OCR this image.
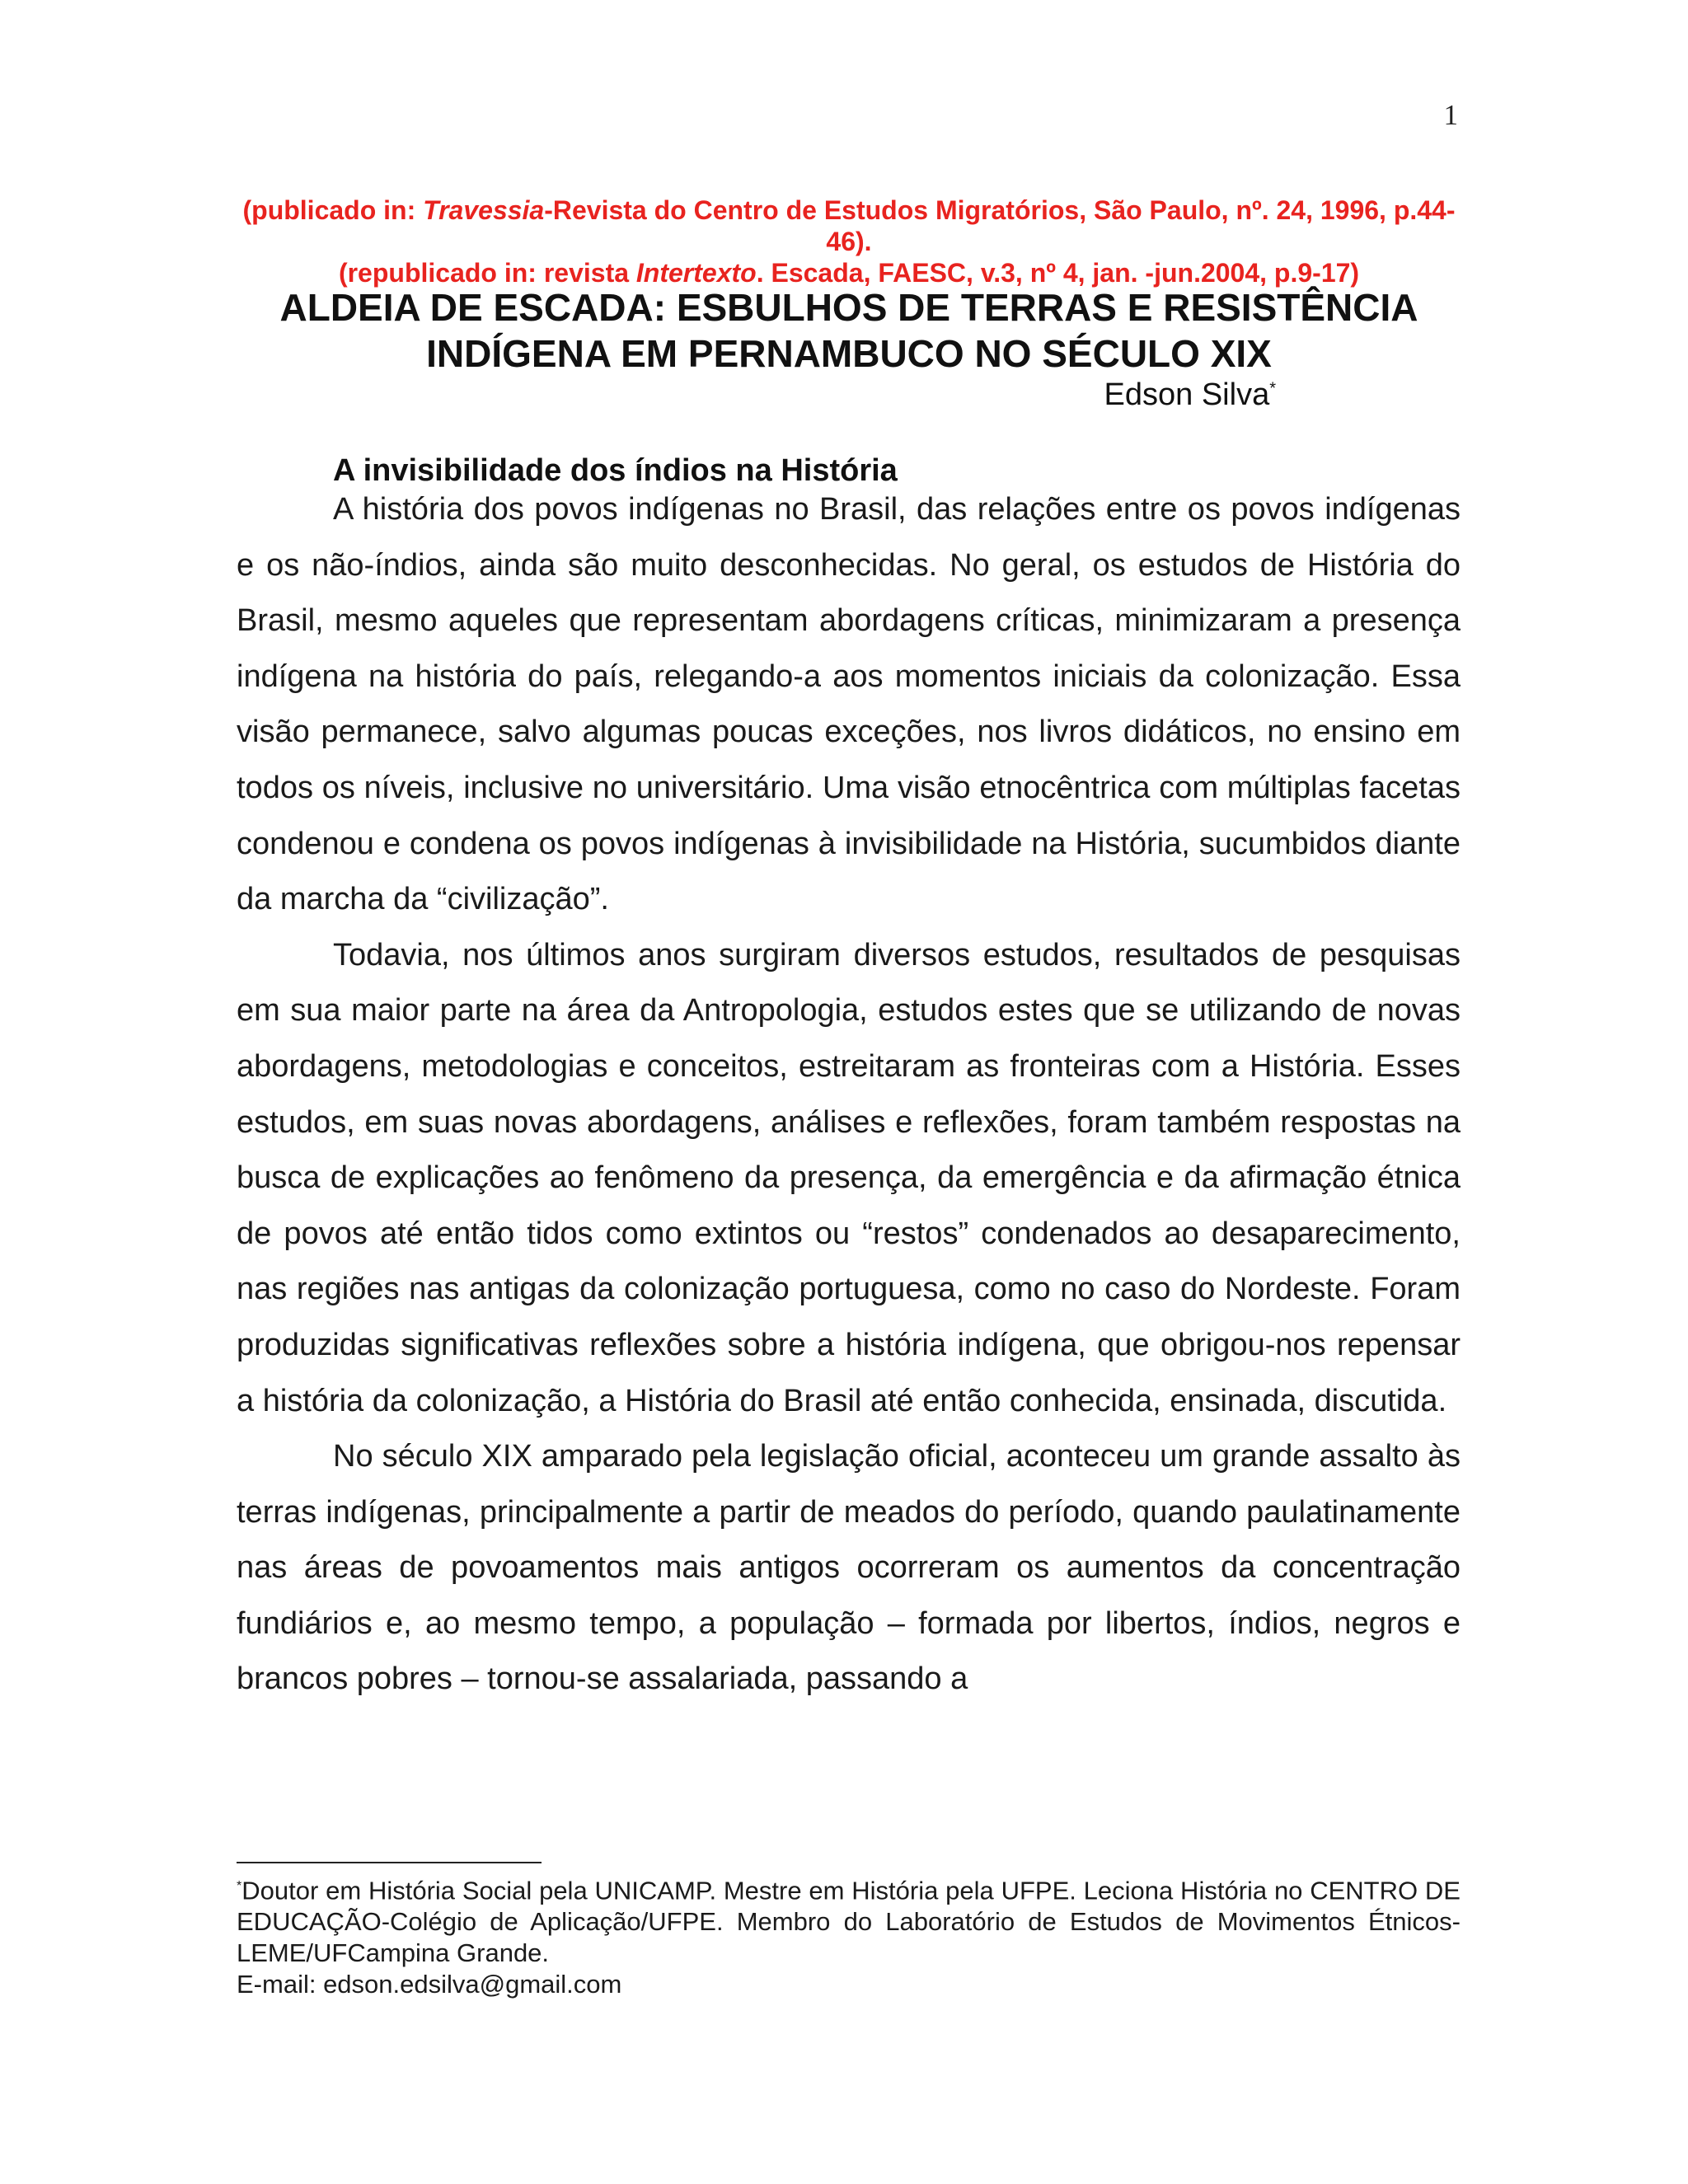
1

(publicado in: Travessia-Revista do Centro de Estudos Migratórios, São Paulo, nº. 24, 1996, p.44-46).

(republicado in: revista Intertexto. Escada, FAESC, v.3, nº 4, jan. -jun.2004, p.9-17)

ALDEIA DE ESCADA: ESBULHOS DE TERRAS E RESISTÊNCIA INDÍGENA EM PERNAMBUCO NO SÉCULO XIX
Edson Silva*
A invisibilidade dos índios na História

A história dos povos indígenas no Brasil, das relações entre os povos indígenas e os não-índios, ainda são muito desconhecidas. No geral, os estudos de História do Brasil, mesmo aqueles que representam abordagens críticas, minimizaram a presença indígena na história do país, relegando-a aos momentos iniciais da colonização. Essa visão permanece, salvo algumas poucas exceções, nos livros didáticos, no ensino em todos os níveis, inclusive no universitário. Uma visão etnocêntrica com múltiplas facetas condenou e condena os povos indígenas à invisibilidade na História, sucumbidos diante da marcha da “civilização”.

Todavia, nos últimos anos surgiram diversos estudos, resultados de pesquisas em sua maior parte na área da Antropologia, estudos estes que se utilizando de novas abordagens, metodologias e conceitos, estreitaram as fronteiras com a História. Esses estudos, em suas novas abordagens, análises e reflexões, foram também respostas na busca de explicações ao fenômeno da presença, da emergência e da afirmação étnica de povos até então tidos como extintos ou “restos” condenados ao desaparecimento, nas regiões nas antigas da colonização portuguesa, como no caso do Nordeste. Foram produzidas significativas reflexões sobre a história indígena, que obrigou-nos repensar a história da colonização, a História do Brasil até então conhecida, ensinada, discutida.

No século XIX amparado pela legislação oficial, aconteceu um grande assalto às terras indígenas, principalmente a partir de meados do período, quando paulatinamente nas áreas de povoamentos mais antigos ocorreram os aumentos da concentração fundiários e, ao mesmo tempo, a população – formada por libertos, índios, negros e brancos pobres – tornou-se assalariada, passando a

*Doutor em História Social pela UNICAMP. Mestre em História pela UFPE. Leciona História no CENTRO DE EDUCAÇÃO-Colégio de Aplicação/UFPE. Membro do Laboratório de Estudos de Movimentos Étnicos-LEME/UFCampina Grande.

E-mail: edson.edsilva@gmail.com
